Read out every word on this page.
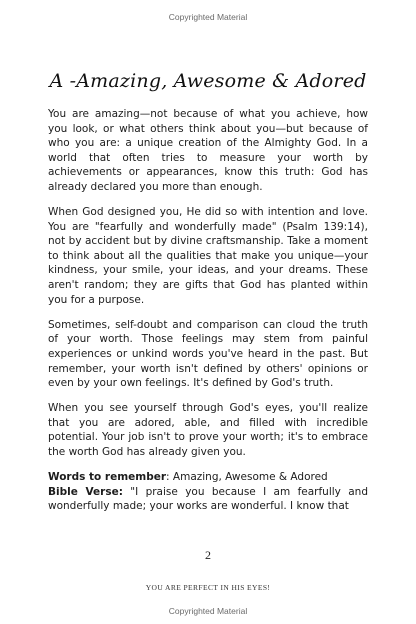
Copyrighted Material
A -Amazing, Awesome & Adored

You are amazing—not because of what you achieve, how you look, or what others think about you—but because of who you are: a unique creation of the Almighty God. In a world that often tries to measure your worth by achievements or appearances, know this truth: God has already declared you more than enough.

When God designed you, He did so with intention and love. You are "fearfully and wonderfully made" (Psalm 139:14), not by accident but by divine craftsmanship. Take a moment to think about all the qualities that make you unique—your kindness, your smile, your ideas, and your dreams. These aren't random; they are gifts that God has planted within you for a purpose.

Sometimes, self-doubt and comparison can cloud the truth of your worth. Those feelings may stem from painful experiences or unkind words you've heard in the past. But remember, your worth isn't defined by others' opinions or even by your own feelings. It's defined by God's truth.

When you see yourself through God's eyes, you'll realize that you are adored, able, and filled with incredible potential. Your job isn't to prove your worth; it's to embrace the worth God has already given you.

Words to remember: Amazing, Awesome & Adored

Bible Verse: "I praise you because I am fearfully and wonderfully made; your works are wonderful. I know that

2
YOU ARE PERFECT IN HIS EYES!
Copyrighted Material
